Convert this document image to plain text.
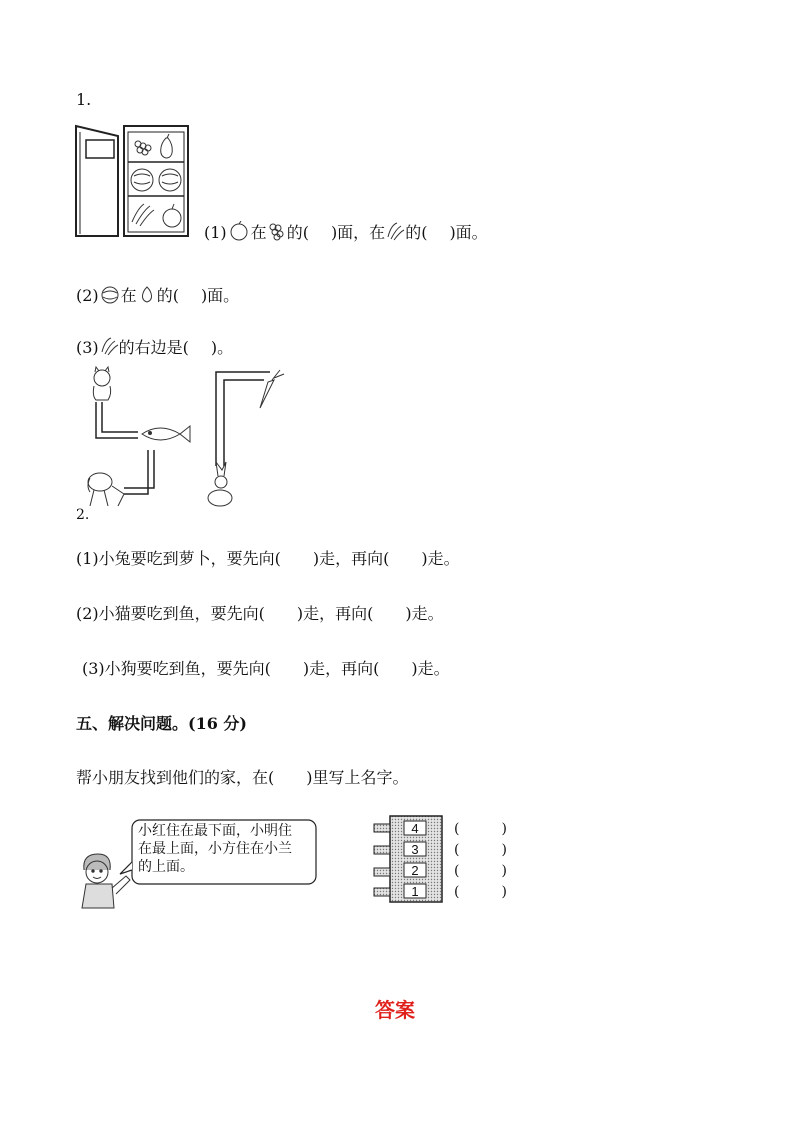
1.
(1) 在 的( )面，在 的( )面。
(2) 在 的( )面。
(3) 的右边是( )。
2.
(1)小兔要吃到萝卜，要先向(　　)走，再向(　　)走。
(2)小猫要吃到鱼，要先向(　　)走，再向(　　)走。
(3)小狗要吃到鱼，要先向(　　)走，再向(　　)走。
五、解决问题。(16 分)
帮小朋友找到他们的家，在(　　)里写上名字。
小红住在最下面，小明住
在最上面，小方住在小兰
的上面。
4
3
2
1
(　　　)
(　　　)
(　　　)
(　　　)
答案
